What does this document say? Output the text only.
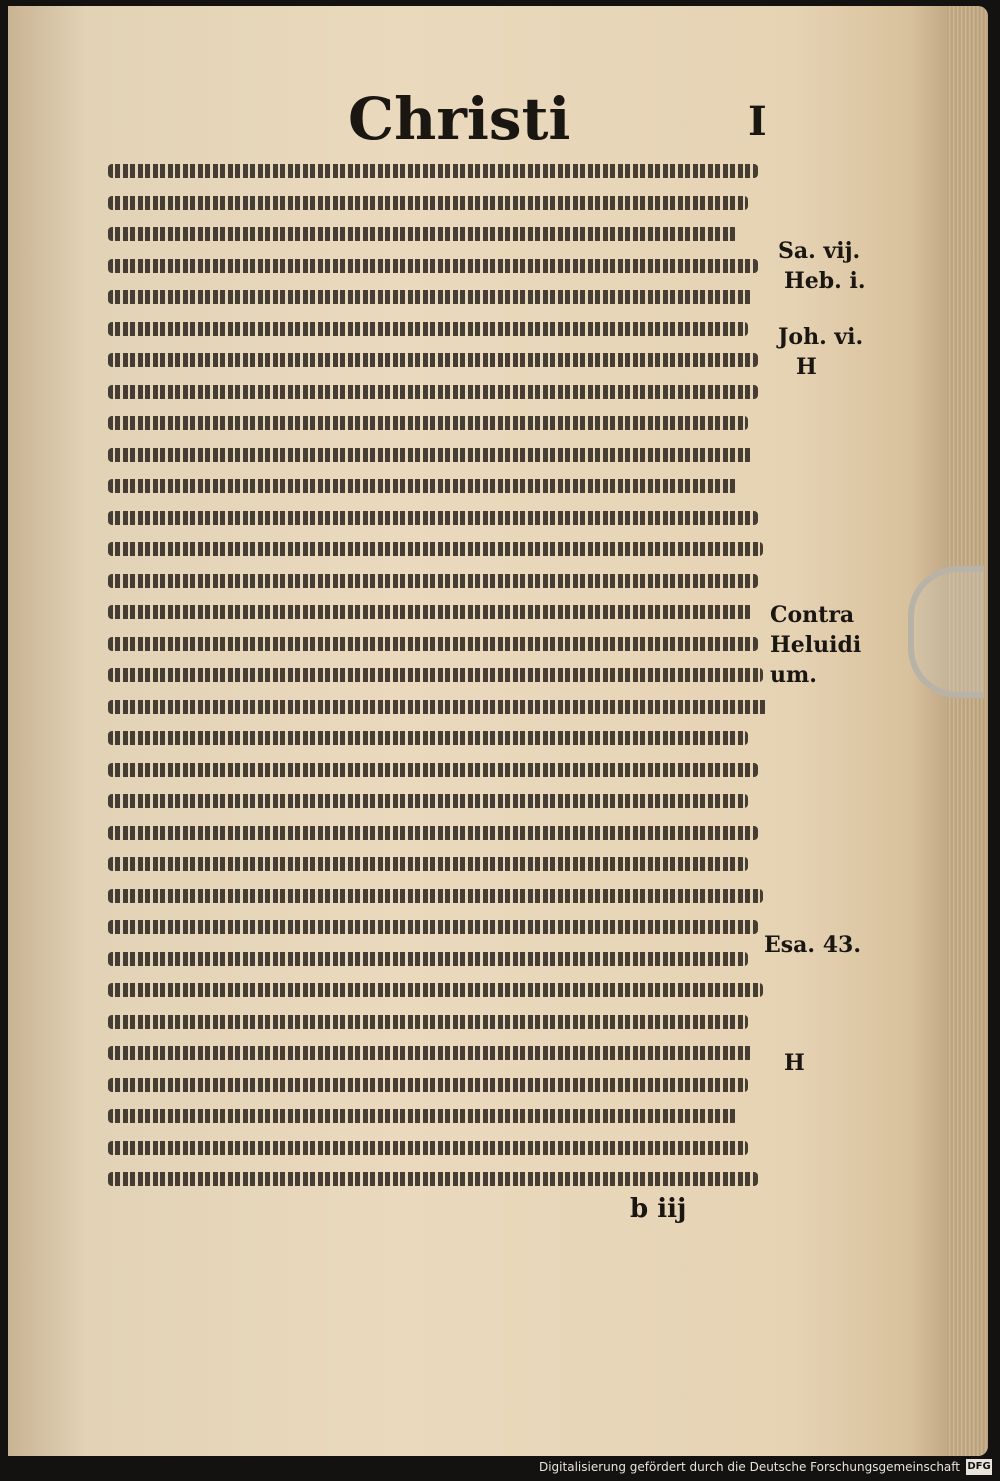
Christi	I
Sa. vij.
Heb. i.
Joh. vi.
H
Contra
Heluidi
um.
Esa. 43.
H
b iij
Digitalisierung gefördert durch die Deutsche Forschungsgemeinschaft DFG
